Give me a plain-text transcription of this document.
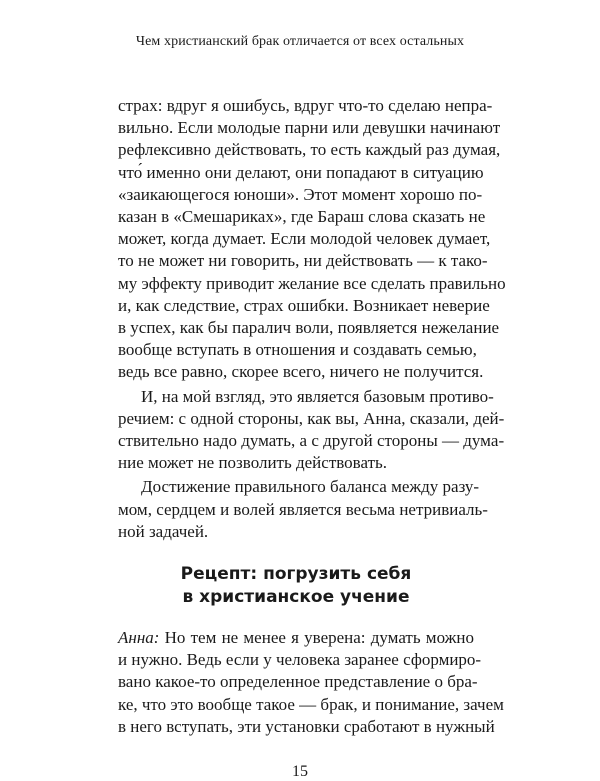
Чем христианский брак отличается от всех остальных
страх: вдруг я ошибусь, вдруг что-то сделаю непра-
вильно. Если молодые парни или девушки начинают
рефлексивно действовать, то есть каждый раз думая,
что́ именно они делают, они попадают в ситуацию
«заикающегося юноши». Этот момент хорошо по-
казан в «Смешариках», где Бараш слова сказать не
может, когда думает. Если молодой человек думает,
то не может ни говорить, ни действовать — к тако-
му эффекту приводит желание все сделать правильно
и, как следствие, страх ошибки. Возникает неверие
в успех, как бы паралич воли, появляется нежелание
вообще вступать в отношения и создавать семью,
ведь все равно, скорее всего, ничего не получится.
И, на мой взгляд, это является базовым противо-
речием: с одной стороны, как вы, Анна, сказали, дей-
ствительно надо думать, а с другой стороны — думa-
ние может не позволить действовать.
Достижение правильного баланса между разу-
мом, сердцем и волей является весьма нетривиаль-
ной задачей.
Рецепт: погрузить себя
в христианское учение
15
Анна: Но тем не менее я уверена: думать можно
и нужно. Ведь если у человека заранее сформиро-
вано какое-то определенное представление о бра-
ке, что это вообще такое — брак, и понимание, зачем
в него вступать, эти установки сработают в нужный
